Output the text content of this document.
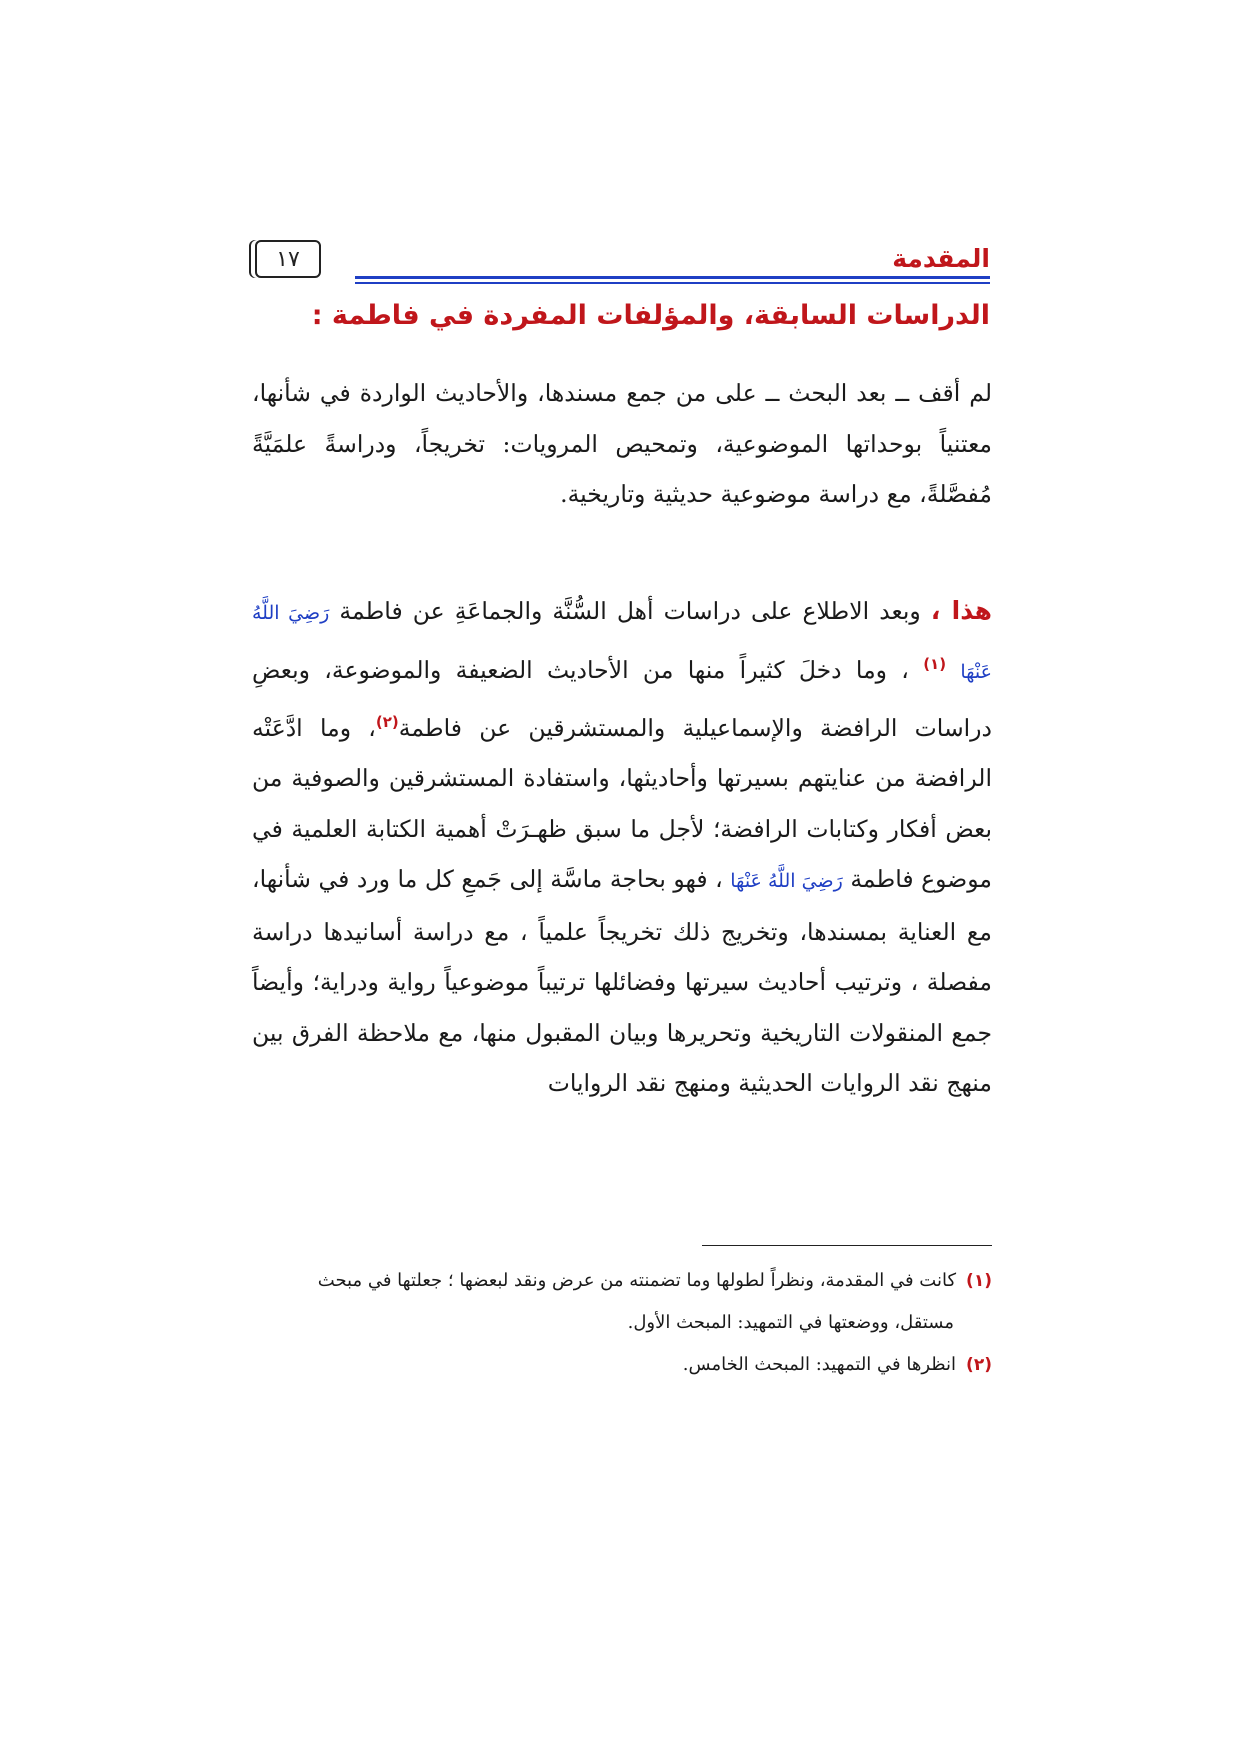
المقدمة
١٧
الدراسات السابقة، والمؤلفات المفردة في فاطمة :

لم أقف ــ بعد البحث ــ على من جمع مسندها، والأحاديث الواردة في شأنها، معتنياً بوحداتها الموضوعية، وتمحيص المرويات: تخريجاً، ودراسةً علمَيَّةً مُفصَّلةً، مع دراسة موضوعية حديثية وتاريخية.

هذا ، وبعد الاطلاع على دراسات أهل السُّنَّة والجماعَةِ عن فاطمة رَضِيَ اللَّهُ عَنْهَا $^{(١)}$ ، وما دخلَ كثيراً منها من الأحاديث الضعيفة والموضوعة، وبعضِ دراسات الرافضة والإسماعيلية والمستشرقين عن فاطمة$^{(٢)}$، وما ادَّعَتْه الرافضة من عنايتهم بسيرتها وأحاديثها، واستفادة المستشرقين والصوفية من بعض أفكار وكتابات الرافضة؛ لأجل ما سبق ظهـرَتْ أهمية الكتابة العلمية في موضوع فاطمة رَضِيَ اللَّهُ عَنْهَا ، فهو بحاجة ماسَّة إلى جَمعِ كل ما ورد في شأنها، مع العناية بمسندها، وتخريج ذلك تخريجاً علمياً ، مع دراسة أسانيدها دراسة مفصلة ، وترتيب أحاديث سيرتها وفضائلها ترتيباً موضوعياً رواية ودراية؛ وأيضاً جمع المنقولات التاريخية وتحريرها وبيان المقبول منها، مع ملاحظة الفرق بين منهج نقد الروايات الحديثية ومنهج نقد الروايات

(١)كانت في المقدمة، ونظراً لطولها وما تضمنته من عرض ونقد لبعضها ؛ جعلتها في مبحث

مستقل، ووضعتها في التمهيد: المبحث الأول.

(٢)انظرها في التمهيد: المبحث الخامس.
